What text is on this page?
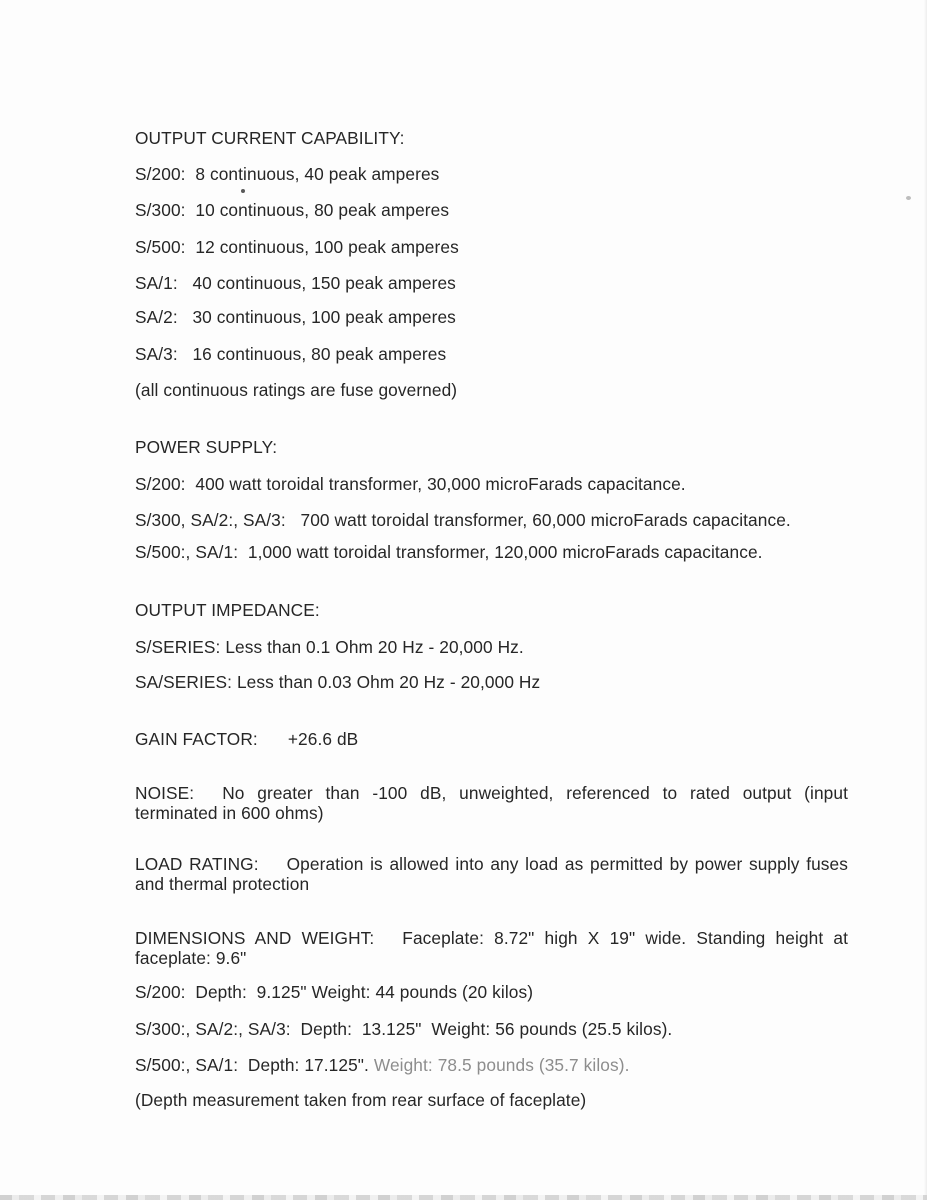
OUTPUT CURRENT CAPABILITY:
S/200:  8 continuous, 40 peak amperes
S/300:  10 continuous, 80 peak amperes
S/500:  12 continuous, 100 peak amperes
SA/1:   40 continuous, 150 peak amperes
SA/2:   30 continuous, 100 peak amperes
SA/3:   16 continuous, 80 peak amperes
(all continuous ratings are fuse governed)
POWER SUPPLY:
S/200:  400 watt toroidal transformer, 30,000 microFarads capacitance.
S/300, SA/2:, SA/3:   700 watt toroidal transformer, 60,000 microFarads capacitance.
S/500:, SA/1:  1,000 watt toroidal transformer, 120,000 microFarads capacitance.
OUTPUT IMPEDANCE:
S/SERIES: Less than 0.1 Ohm 20 Hz - 20,000 Hz.
SA/SERIES: Less than 0.03 Ohm 20 Hz - 20,000 Hz
GAIN FACTOR: +26.6 dB
NOISE: No greater than -100 dB, unweighted, referenced to rated output (input terminated in 600 ohms)
LOAD RATING: Operation is allowed into any load as permitted by power supply fuses and thermal protection
DIMENSIONS AND WEIGHT: Faceplate: 8.72" high X 19" wide. Standing height at faceplate: 9.6"
S/200:  Depth:  9.125" Weight: 44 pounds (20 kilos)
S/300:, SA/2:, SA/3:  Depth:  13.125"  Weight: 56 pounds (25.5 kilos).
S/500:, SA/1:  Depth: 17.125". Weight: 78.5 pounds (35.7 kilos).
(Depth measurement taken from rear surface of faceplate)
